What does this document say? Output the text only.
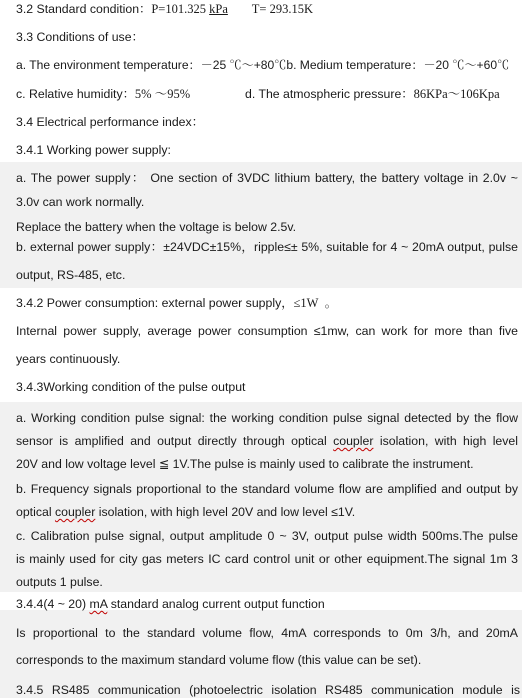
3.2 Standard condition：P=101.325 kPa T= 293.15K
3.3 Conditions of use：
a. The environment temperature：－25 ℃～+80℃b. Medium temperature：－20 ℃～+60℃
c. Relative humidity：5% ～95%	d. The atmospheric pressure：86KPa～106Kpa
3.4 Electrical performance index：
3.4.1 Working power supply:
a. The power supply： One section of 3VDC lithium battery, the battery voltage in 2.0v ~
3.0v can work normally.
Replace the battery when the voltage is below 2.5v.
b. external power supply：±24VDC±15%，ripple≤± 5%, suitable for 4 ~ 20mA output, pulse
output, RS-485, etc.
3.4.2 Power consumption: external power supply，≤1W  。
Internal power supply, average power consumption ≤1mw, can work for more than five
years continuously.
3.4.3Working condition of the pulse output
a. Working condition pulse signal: the working condition pulse signal detected by the flow
sensor is amplified and output directly through optical coupler isolation, with high level
20V and low voltage level ≦ 1V.The pulse is mainly used to calibrate the instrument.
b. Frequency signals proportional to the standard volume flow are amplified and output by
optical coupler isolation, with high level 20V and low level ≤1V.
c. Calibration pulse signal, output amplitude 0 ~ 3V, output pulse width 500ms.The pulse
is mainly used for city gas meters IC card control unit or other equipment.The signal 1m 3
outputs 1 pulse.
3.4.4(4 ~ 20) mA standard analog current output function
Is proportional to the standard volume flow, 4mA corresponds to 0m 3/h, and 20mA
corresponds to the maximum standard volume flow (this value can be set).
3.4.5 RS485 communication (photoelectric isolation RS485 communication module is
